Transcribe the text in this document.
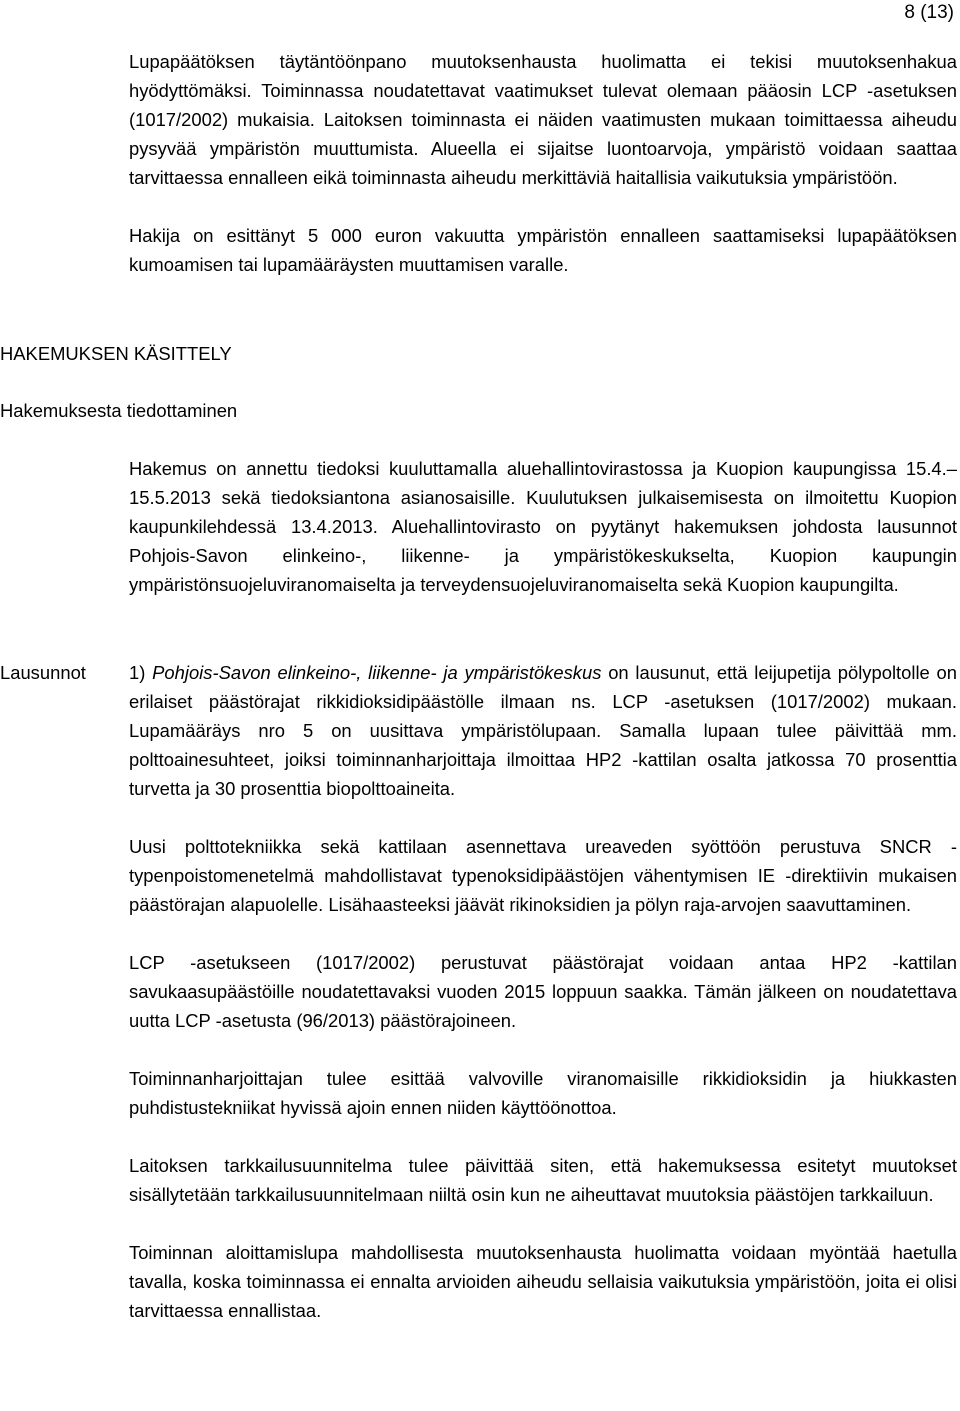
8 (13)

Lupapäätöksen täytäntöönpano muutoksenhausta huolimatta ei tekisi muutoksenhakua hyödyttömäksi. Toiminnassa noudatettavat vaatimukset tulevat olemaan pääosin LCP -asetuksen (1017/2002) mukaisia. Laitoksen toiminnasta ei näiden vaatimusten mukaan toimittaessa aiheudu pysyvää ympäristön muuttumista. Alueella ei sijaitse luontoarvoja, ympäristö voidaan saattaa tarvittaessa ennalleen eikä toiminnasta aiheudu merkittäviä haitallisia vaikutuksia ympäristöön.

Hakija on esittänyt 5 000 euron vakuutta ympäristön ennalleen saattamiseksi lupapäätöksen kumoamisen tai lupamääräysten muuttamisen varalle.

HAKEMUKSEN KÄSITTELY
Hakemuksesta tiedottaminen

Hakemus on annettu tiedoksi kuuluttamalla aluehallintovirastossa ja Kuopion kaupungissa 15.4.–15.5.2013 sekä tiedoksiantona asianosaisille. Kuulutuksen julkaisemisesta on ilmoitettu Kuopion kaupunkilehdessä 13.4.2013. Aluehallintovirasto on pyytänyt hakemuksen johdosta lausunnot Pohjois-Savon elinkeino-, liikenne- ja ympäristökeskukselta, Kuopion kaupungin ympäristönsuojeluviranomaiselta ja terveydensuojeluviranomaiselta sekä Kuopion kaupungilta.

Lausunnot 1) Pohjois-Savon elinkeino-, liikenne- ja ympäristökeskus on lausunut, että leijupetija pölypoltolle on erilaiset päästörajat rikkidioksidipäästölle ilmaan ns. LCP -asetuksen (1017/2002) mukaan. Lupamääräys nro 5 on uusittava ympäristölupaan. Samalla lupaan tulee päivittää mm. polttoainesuhteet, joiksi toiminnanharjoittaja ilmoittaa HP2 -kattilan osalta jatkossa 70 prosenttia turvetta ja 30 prosenttia biopolttoaineita.

Uusi polttotekniikka sekä kattilaan asennettava ureaveden syöttöön perustuva SNCR -typenpoistomenetelmä mahdollistavat typenoksidipäästöjen vähentymisen IE -direktiivin mukaisen päästörajan alapuolelle. Lisähaasteeksi jäävät rikinoksidien ja pölyn raja-arvojen saavuttaminen.

LCP -asetukseen (1017/2002) perustuvat päästörajat voidaan antaa HP2 -kattilan savukaasupäästöille noudatettavaksi vuoden 2015 loppuun saakka. Tämän jälkeen on noudatettava uutta LCP -asetusta (96/2013) päästörajoineen.

Toiminnanharjoittajan tulee esittää valvoville viranomaisille rikkidioksidin ja hiukkasten puhdistustekniikat hyvissä ajoin ennen niiden käyttöönottoa.

Laitoksen tarkkailusuunnitelma tulee päivittää siten, että hakemuksessa esitetyt muutokset sisällytetään tarkkailusuunnitelmaan niiltä osin kun ne aiheuttavat muutoksia päästöjen tarkkailuun.

Toiminnan aloittamislupa mahdollisesta muutoksenhausta huolimatta voidaan myöntää haetulla tavalla, koska toiminnassa ei ennalta arvioiden aiheudu sellaisia vaikutuksia ympäristöön, joita ei olisi tarvittaessa ennallistaa.
